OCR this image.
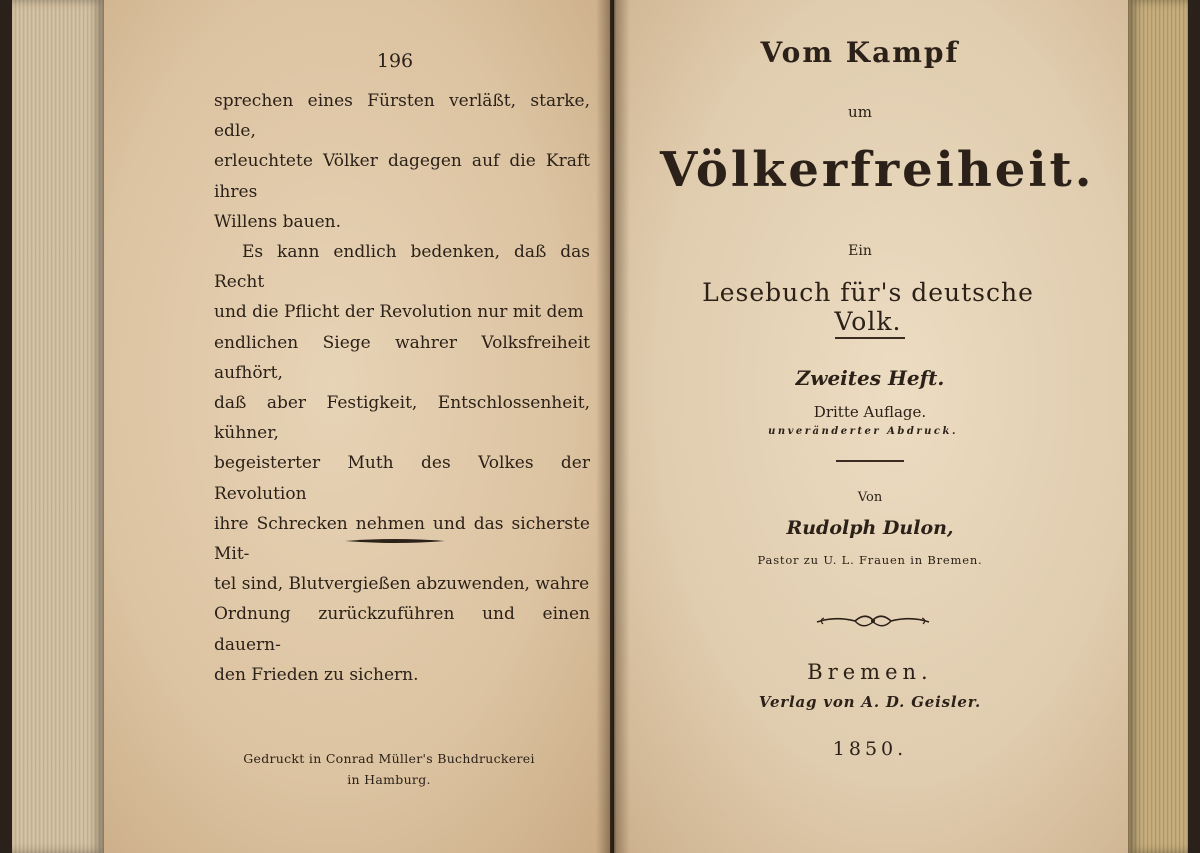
196

sprechen eines Fürsten verläßt, starke, edle,

erleuchtete Völker dagegen auf die Kraft ihres

Willens bauen.

Es kann endlich bedenken, daß das Recht

und die Pflicht der Revolution nur mit dem

endlichen Siege wahrer Volksfreiheit aufhört,

daß aber Festigkeit, Entschlossenheit, kühner,

begeisterter Muth des Volkes der Revolution

ihre Schrecken nehmen und das sicherste Mit-

tel sind, Blutvergießen abzuwenden, wahre

Ordnung zurückzuführen und einen dauern-

den Frieden zu sichern.

Gedruckt in Conrad Müller's Buchdruckerei
in Hamburg.
Vom Kampf
um
Völkerfreiheit.
Ein
Lesebuch für's deutsche Volk.
Zweites Heft.
Dritte Auflage.
unveränderter Abdruck.
Von
Rudolph Dulon,
Pastor zu U. L. Frauen in Bremen.
Bremen.
Verlag von A. D. Geisler.
1850.
